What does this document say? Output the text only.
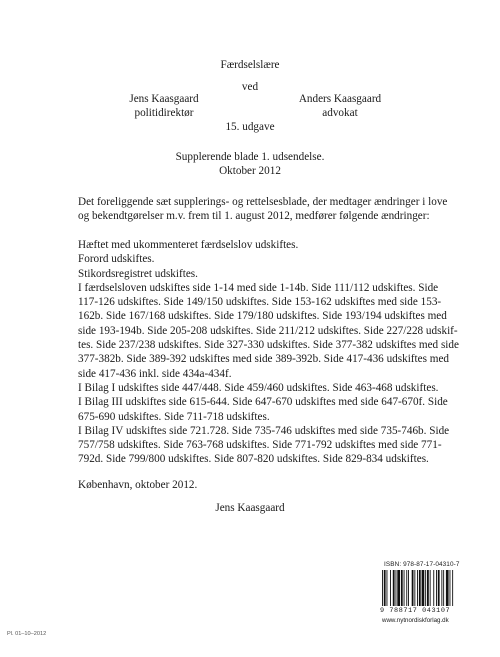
Færdselslære
ved
Jens Kaasgaard
politidirektør
Anders Kaasgaard
advokat
15. udgave
Supplerende blade 1. udsendelse.
Oktober 2012
Det foreliggende sæt supplerings- og rettelsesblade, der medtager ændringer i love
og bekendtgørelser m.v. frem til 1. august 2012, medfører følgende ændringer:
Hæftet med ukommenteret færdselslov udskiftes.
Forord udskiftes.
Stikordsregistret udskiftes.
I færdselsloven udskiftes side 1-14 med side 1-14b. Side 111/112 udskiftes. Side
117-126 udskiftes. Side 149/150 udskiftes. Side 153-162 udskiftes med side 153-
162b. Side 167/168 udskiftes. Side 179/180 udskiftes. Side 193/194 udskiftes med
side 193-194b. Side 205-208 udskiftes. Side 211/212 udskiftes. Side 227/228 udskif-
tes. Side 237/238 udskiftes. Side 327-330 udskiftes. Side 377-382 udskiftes med side
377-382b. Side 389-392 udskiftes med side 389-392b. Side 417-436 udskiftes med
side 417-436 inkl. side 434a-434f.
I Bilag I udskiftes side 447/448. Side 459/460 udskiftes. Side 463-468 udskiftes.
I Bilag III udskiftes side 615-644. Side 647-670 udskiftes med side 647-670f. Side
675-690 udskiftes. Side 711-718 udskiftes.
I Bilag IV udskiftes side 721.728. Side 735-746 udskiftes med side 735-746b. Side
757/758 udskiftes. Side 763-768 udskiftes. Side 771-792 udskiftes med side 771-
792d. Side 799/800 udskiftes. Side 807-820 udskiftes. Side 829-834 udskiftes.
København, oktober 2012.
Jens Kaasgaard
ISBN: 978-87-17-04310-7
9 788717 043107
www.nytnordiskforlag.dk
Pl. 01–10–2012
